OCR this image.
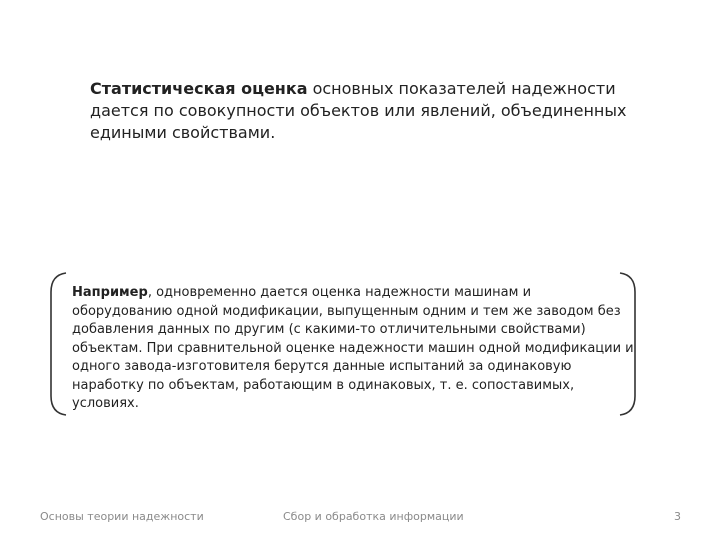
Статистическая оценка основных показателей надежности дается по совокупности объектов или явлений, объединенных едиными свойствами.

Например, одновременно дается оценка надежности машинам и оборудованию одной модификации, выпущенным одним и тем же заводом без добавления данных по другим (с какими-то отличительными свойствами) объектам. При сравнительной оценке надежности машин одной модификации и одного завода-изготовителя берутся данные испытаний за одинаковую наработку по объектам, работающим в одинаковых, т. е. сопоставимых, условиях.

Основы теории надежности	Сбор и обработка информации	3
